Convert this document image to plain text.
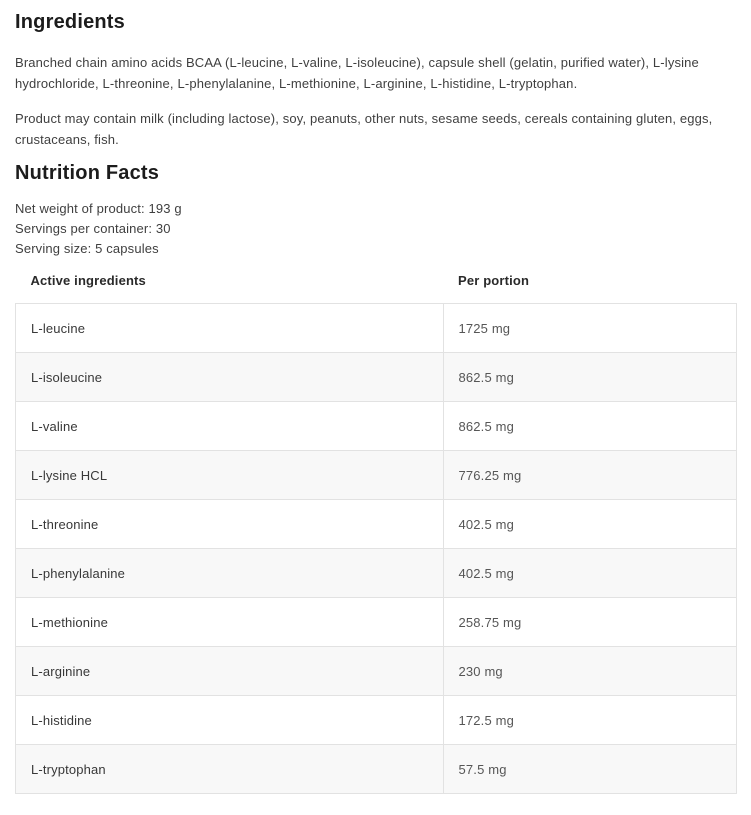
Ingredients

Branched chain amino acids BCAA (L-leucine, L-valine, L-isoleucine), capsule shell (gelatin, purified water), L-lysine hydrochloride, L-threonine, L-phenylalanine, L-methionine, L-arginine, L-histidine, L-tryptophan.

Product may contain milk (including lactose), soy, peanuts, other nuts, sesame seeds, cereals containing gluten, eggs, crustaceans, fish.

Nutrition Facts
Net weight of product: 193 g
Servings per container: 30
Serving size: 5 capsules
Active ingredients	Per portion
L-leucine	1725 mg
L-isoleucine	862.5 mg
L-valine	862.5 mg
L-lysine HCL	776.25 mg
L-threonine	402.5 mg
L-phenylalanine	402.5 mg
L-methionine	258.75 mg
L-arginine	230 mg
L-histidine	172.5 mg
L-tryptophan	57.5 mg
